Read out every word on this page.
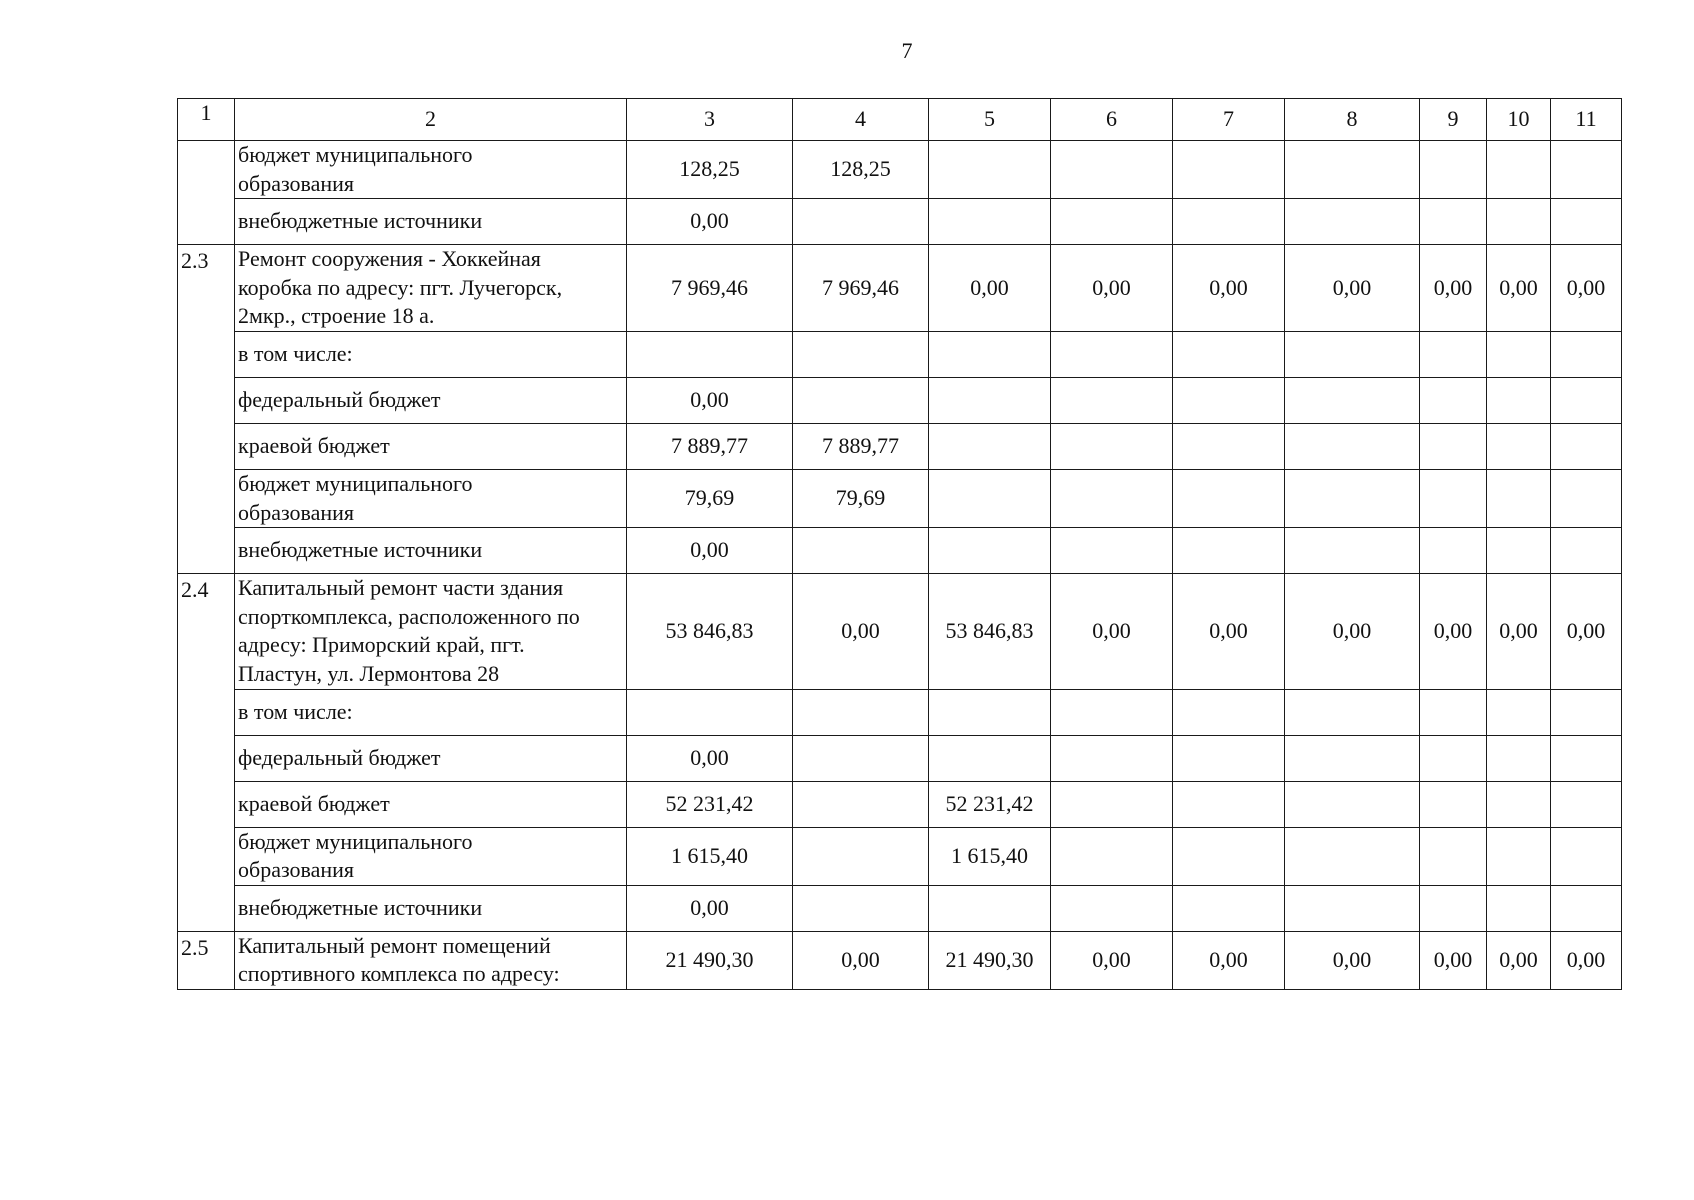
7
1	2	3	4	5	6	7	8	9	10	11
	бюджет муниципального
образования	128,25	128,25							
	внебюджетные источники	0,00								
2.3	Ремонт сооружения - Хоккейная
коробка по адресу: пгт. Лучегорск,
2мкр., строение 18 а.	7 969,46	7 969,46	0,00	0,00	0,00	0,00	0,00	0,00	0,00
	в том числе:									
	федеральный бюджет	0,00								
	краевой бюджет	7 889,77	7 889,77							
	бюджет муниципального
образования	79,69	79,69							
	внебюджетные источники	0,00								
2.4	Капитальный ремонт части здания
спорткомплекса, расположенного по
адресу: Приморский край, пгт.
Пластун, ул. Лермонтова 28	53 846,83	0,00	53 846,83	0,00	0,00	0,00	0,00	0,00	0,00
	в том числе:									
	федеральный бюджет	0,00								
	краевой бюджет	52 231,42		52 231,42						
	бюджет муниципального
образования	1 615,40		1 615,40						
	внебюджетные источники	0,00								
2.5	Капитальный ремонт помещений
спортивного комплекса по адресу:	21 490,30	0,00	21 490,30	0,00	0,00	0,00	0,00	0,00	0,00
